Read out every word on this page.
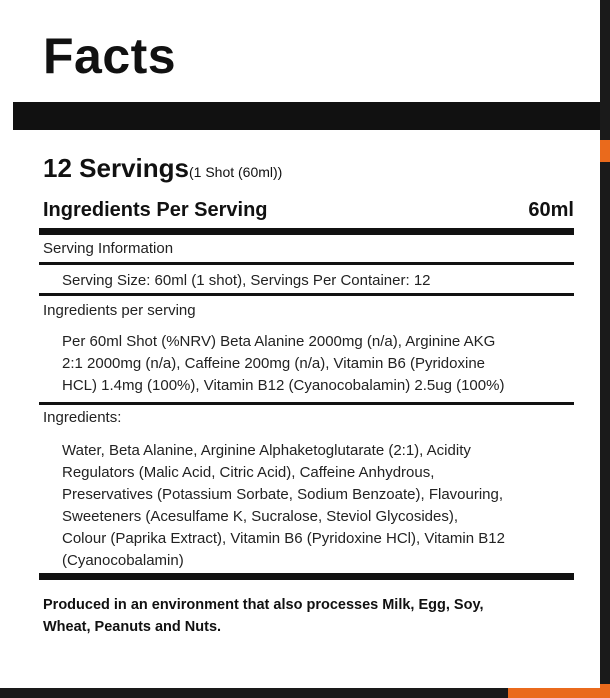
Facts
12 Servings(1 Shot (60ml))
Ingredients Per Serving	60ml
Serving Information
Serving Size: 60ml (1 shot), Servings Per Container: 12
Ingredients per serving
Per 60ml Shot (%NRV) Beta Alanine 2000mg (n/a), Arginine AKG
2:1 2000mg (n/a), Caffeine 200mg (n/a), Vitamin B6 (Pyridoxine
HCL) 1.4mg (100%), Vitamin B12 (Cyanocobalamin) 2.5ug (100%)
Ingredients:
Water, Beta Alanine, Arginine Alphaketoglutarate (2:1), Acidity
Regulators (Malic Acid, Citric Acid), Caffeine Anhydrous,
Preservatives (Potassium Sorbate, Sodium Benzoate), Flavouring,
Sweeteners (Acesulfame K, Sucralose, Steviol Glycosides),
Colour (Paprika Extract), Vitamin B6 (Pyridoxine HCl), Vitamin B12
(Cyanocobalamin)
Produced in an environment that also processes Milk, Egg, Soy,
Wheat, Peanuts and Nuts.
